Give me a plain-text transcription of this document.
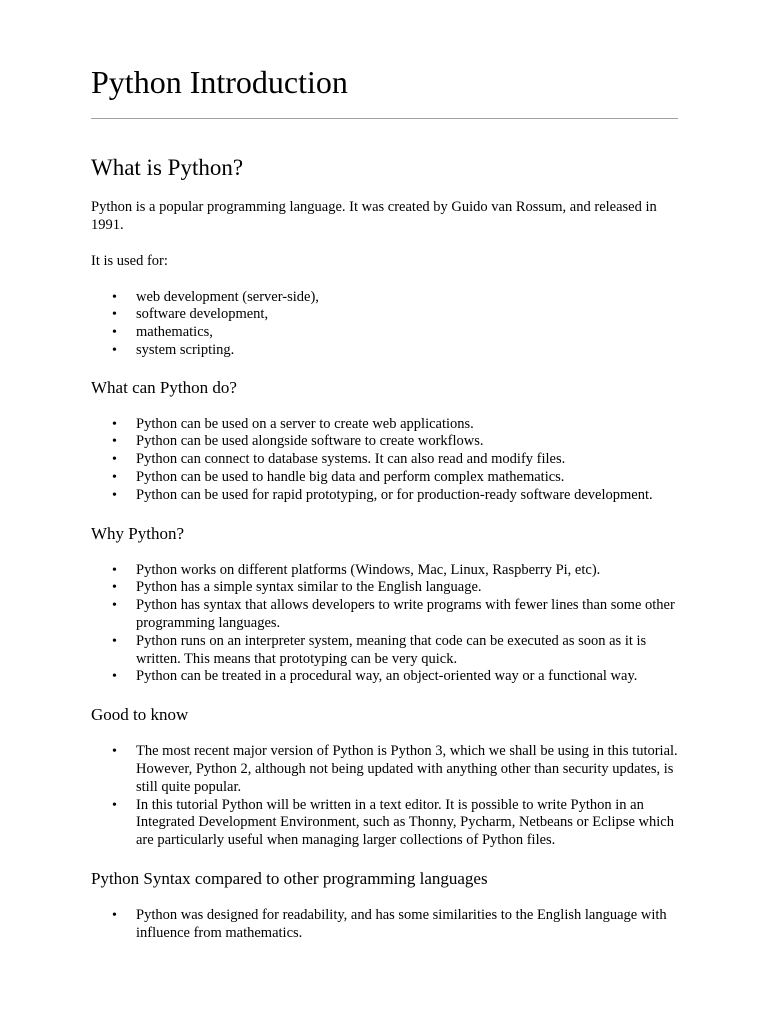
Python Introduction
What is Python?

Python is a popular programming language. It was created by Guido van Rossum, and released in 1991.

It is used for:

• web development (server-side),
• software development,
• mathematics,
• system scripting.
What can Python do?
• Python can be used on a server to create web applications.
• Python can be used alongside software to create workflows.
• Python can connect to database systems. It can also read and modify files.
• Python can be used to handle big data and perform complex mathematics.
• Python can be used for rapid prototyping, or for production-ready software development.
Why Python?
• Python works on different platforms (Windows, Mac, Linux, Raspberry Pi, etc).
• Python has a simple syntax similar to the English language.
• Python has syntax that allows developers to write programs with fewer lines than some other programming languages.
• Python runs on an interpreter system, meaning that code can be executed as soon as it is written. This means that prototyping can be very quick.
• Python can be treated in a procedural way, an object-oriented way or a functional way.
Good to know
• The most recent major version of Python is Python 3, which we shall be using in this tutorial. However, Python 2, although not being updated with anything other than security updates, is still quite popular.
• In this tutorial Python will be written in a text editor. It is possible to write Python in an Integrated Development Environment, such as Thonny, Pycharm, Netbeans or Eclipse which are particularly useful when managing larger collections of Python files.
Python Syntax compared to other programming languages
• Python was designed for readability, and has some similarities to the English language with influence from mathematics.
